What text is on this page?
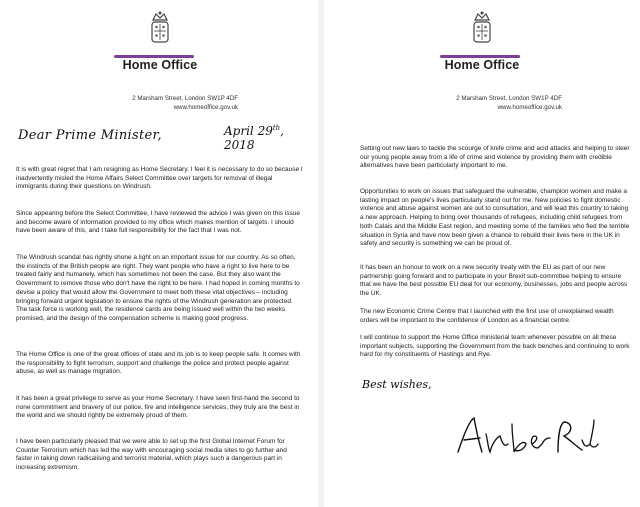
Home Office
2 Marsham Street, London SW1P 4DF
www.homeoffice.gov.uk
Dear Prime Minister,	April 29th, 2018
It is with great regret that I am resigning as Home Secretary. I feel it is necessary to do so because I inadvertently misled the Home Affairs Select Committee over targets for removal of illegal immigrants during their questions on Windrush.
Since appearing before the Select Committee, I have reviewed the advice I was given on this issue and become aware of information provided to my office which makes mention of targets. I should have been aware of this, and I take full responsibility for the fact that I was not.
The Windrush scandal has rightly shone a light on an important issue for our country. As so often, the instincts of the British people are right. They want people who have a right to live here to be treated fairly and humanely, which has sometimes not been the case. But they also want the Government to remove those who don't have the right to be here. I had hoped in coming months to devise a policy that would allow the Government to meet both these vital objectives – including bringing forward urgent legislation to ensure the rights of the Windrush generation are protected. The task force is working well, the residence cards are being issued well within the two weeks promised, and the design of the compensation scheme is making good progress.
The Home Office is one of the great offices of state and its job is to keep people safe. It comes with the responsibility to fight terrorism, support and challenge the police and protect people against abuse, as well as manage migration.
It has been a great privilege to serve as your Home Secretary. I have seen first-hand the second to none commitment and bravery of our police, fire and intelligence services, they truly are the best in the world and we should rightly be extremely proud of them.
I have been particularly pleased that we were able to set up the first Global Internet Forum for Counter Terrorism which has led the way with encouraging social media sites to go further and faster in taking down radicalising and terrorist material, which plays such a dangerous part in increasing extremism.
Home Office
2 Marsham Street, London SW1P 4DF
www.homeoffice.gov.uk
Setting out new laws to tackle the scourge of knife crime and acid attacks and helping to steer our young people away from a life of crime and violence by providing them with credible alternatives have been particularly important to me.
Opportunities to work on issues that safeguard the vulnerable, champion women and make a lasting impact on people's lives particularly stand out for me. New policies to fight domestic violence and abuse against women are out to consultation, and will lead this country to taking a new approach. Helping to bring over thousands of refugees, including child refugees from both Calais and the Middle East region, and meeting some of the families who fled the terrible situation in Syria and have now been given a chance to rebuild their lives here in the UK in safety and security is something we can be proud of.
It has been an honour to work on a new security treaty with the EU as part of our new partnership going forward and to participate in your Brexit sub-committee helping to ensure that we have the best possible EU deal for our economy, businesses, jobs and people across the UK.
The new Economic Crime Centre that I launched with the first use of unexplained wealth orders will be important to the confidence of London as a financial centre.
I will continue to support the Home Office ministerial team whenever possible on all these important subjects, supporting the Government from the back benches and continuing to work hard for my constituents of Hastings and Rye.
Best wishes,
